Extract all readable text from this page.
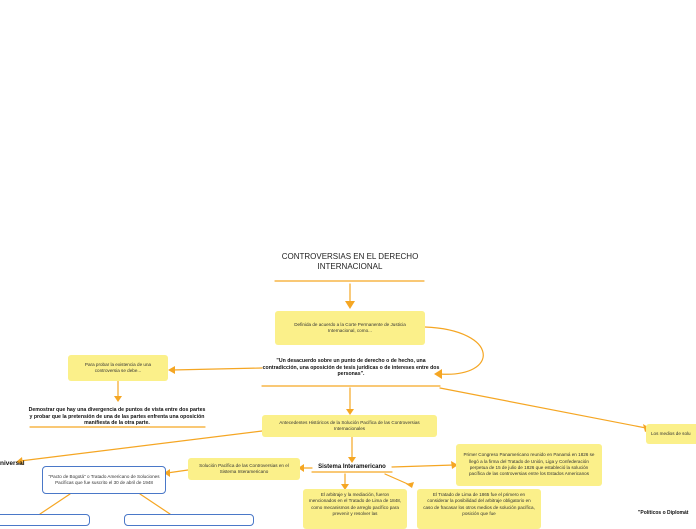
CONTROVERSIAS EN EL DERECHO INTERNACIONAL
Definida de acuerdo a la Corte Permanente de Justicia Internacional, como...
"Un desacuerdo sobre un punto de derecho o de hecho, una contradicción, una oposición de tesis jurídicas o de intereses entre dos personas".
Para probar la existencia de una controversia se debe...
Demostrar que hay una divergencia de puntos de vista entre dos partes y probar que la pretensión de una de las partes enfrenta una oposición manifiesta de la otra parte.	Antecedentes Históricos de la Solución Pacífica de las Controversias Internacionales
Los medios de solu
niversal	Sistema Interamericano
Solución Pacífica de las Controversias en el Sistema Interamericano
Primer Congreso Panamericano reunido en Panamá en 1826 se llegó a la firma del Tratado de Unión, Liga y Confederación perpetua de 15 de julio de 1826 que estableció la solución pacífica de las controversias entre los Estados Americanos
"Pacto de Bogotá" o Tratado Americano de Soluciones Pacíficas que fue suscrito el 30 de abril de 1948
El arbitraje y la mediación, fueron mencionados en el Tratado de Lima de 1848, como mecanismos de arreglo pacífico para prevenir y resolver las
El Tratado de Lima de 1865 fue el primero en considerar la posibilidad del arbitraje obligatorio en caso de fracasar los otros medios de solución pacífica, posición que fue	"Políticos o Diplomát
